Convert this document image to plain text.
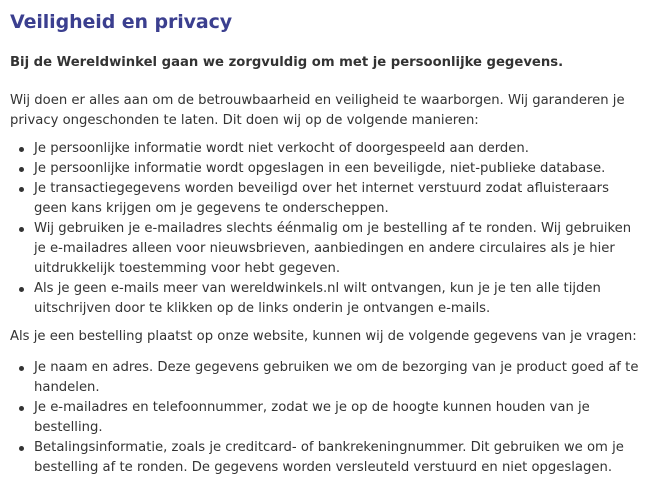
Veiligheid en privacy

Bij de Wereldwinkel gaan we zorgvuldig om met je persoonlijke gegevens.

Wij doen er alles aan om de betrouwbaarheid en veiligheid te waarborgen. Wij garanderen je privacy ongeschonden te laten. Dit doen wij op de volgende manieren:

Je persoonlijke informatie wordt niet verkocht of doorgespeeld aan derden.
Je persoonlijke informatie wordt opgeslagen in een beveiligde, niet-publieke database.
Je transactiegegevens worden beveiligd over het internet verstuurd zodat afluisteraars geen kans krijgen om je gegevens te onderscheppen.
Wij gebruiken je e-mailadres slechts éénmalig om je bestelling af te ronden. Wij gebruiken je e-mailadres alleen voor nieuwsbrieven, aanbiedingen en andere circulaires als je hier uitdrukkelijk toestemming voor hebt gegeven.
Als je geen e-mails meer van wereldwinkels.nl wilt ontvangen, kun je je ten alle tijden uitschrijven door te klikken op de links onderin je ontvangen e-mails.

Als je een bestelling plaatst op onze website, kunnen wij de volgende gegevens van je vragen:

Je naam en adres. Deze gegevens gebruiken we om de bezorging van je product goed af te handelen.
Je e-mailadres en telefoonnummer, zodat we je op de hoogte kunnen houden van je bestelling.
Betalingsinformatie, zoals je creditcard- of bankrekeningnummer. Dit gebruiken we om je bestelling af te ronden. De gegevens worden versleuteld verstuurd en niet opgeslagen.
